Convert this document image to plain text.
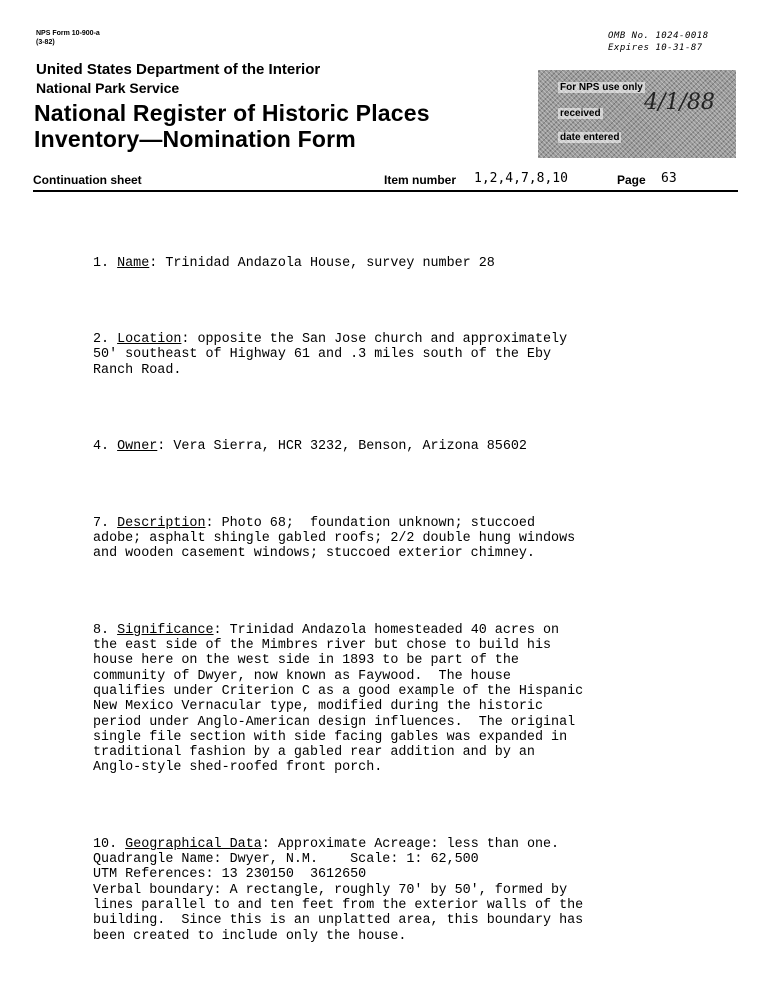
NPS Form 10-900-a
(3-82)
OMB No. 1024-0018
Expires 10-31-87
United States Department of the Interior
National Park Service
National Register of Historic Places
Inventory—Nomination Form
For NPS use only
received
date entered
4/1/88
Continuation sheet	Item number 1,2,4,7,8,10	Page 63

1. Name: Trinidad Andazola House, survey number 28

2. Location: opposite the San Jose church and approximately
50' southeast of Highway 61 and .3 miles south of the Eby
Ranch Road.

4. Owner: Vera Sierra, HCR 3232, Benson, Arizona 85602

7. Description: Photo 68;  foundation unknown; stuccoed
adobe; asphalt shingle gabled roofs; 2/2 double hung windows
and wooden casement windows; stuccoed exterior chimney.

8. Significance: Trinidad Andazola homesteaded 40 acres on
the east side of the Mimbres river but chose to build his
house here on the west side in 1893 to be part of the
community of Dwyer, now known as Faywood.  The house
qualifies under Criterion C as a good example of the Hispanic
New Mexico Vernacular type, modified during the historic
period under Anglo-American design influences.  The original
single file section with side facing gables was expanded in
traditional fashion by a gabled rear addition and by an
Anglo-style shed-roofed front porch.

10. Geographical Data: Approximate Acreage: less than one.
Quadrangle Name: Dwyer, N.M.    Scale: 1: 62,500
UTM References: 13 230150  3612650
Verbal boundary: A rectangle, roughly 70' by 50', formed by
lines parallel to and ten feet from the exterior walls of the
building.  Since this is an unplatted area, this boundary has
been created to include only the house.
